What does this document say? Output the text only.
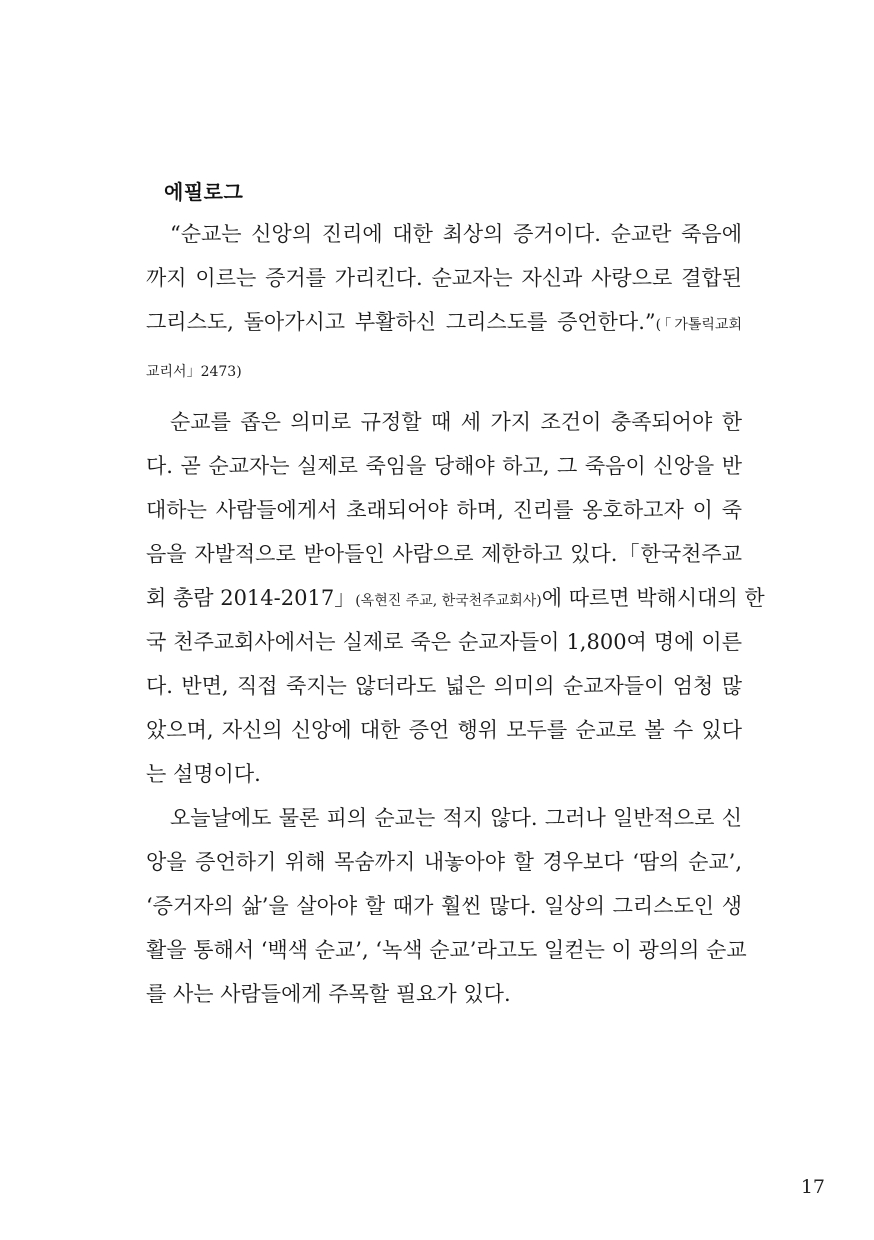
에필로그
“순교는 신앙의 진리에 대한 최상의 증거이다. 순교란 죽음에
까지 이르는 증거를 가리킨다. 순교자는 자신과 사랑으로 결합된
그리스도, 돌아가시고 부활하신 그리스도를 증언한다.”(「가톨릭교회
교리서」2473)
순교를 좁은 의미로 규정할 때 세 가지 조건이 충족되어야 한
다. 곧 순교자는 실제로 죽임을 당해야 하고, 그 죽음이 신앙을 반
대하는 사람들에게서 초래되어야 하며, 진리를 옹호하고자 이 죽
음을 자발적으로 받아들인 사람으로 제한하고 있다.「한국천주교
회 총람 2014-2017」(옥현진 주교, 한국천주교회사)에 따르면 박해시대의 한
국 천주교회사에서는 실제로 죽은 순교자들이 1,800여 명에 이른
다. 반면, 직접 죽지는 않더라도 넓은 의미의 순교자들이 엄청 많
았으며, 자신의 신앙에 대한 증언 행위 모두를 순교로 볼 수 있다
는 설명이다.
오늘날에도 물론 피의 순교는 적지 않다. 그러나 일반적으로 신
앙을 증언하기 위해 목숨까지 내놓아야 할 경우보다 ‘땀의 순교’,
‘증거자의 삶’을 살아야 할 때가 훨씬 많다. 일상의 그리스도인 생
활을 통해서 ‘백색 순교’, ‘녹색 순교’라고도 일컫는 이 광의의 순교
를 사는 사람들에게 주목할 필요가 있다.
17
